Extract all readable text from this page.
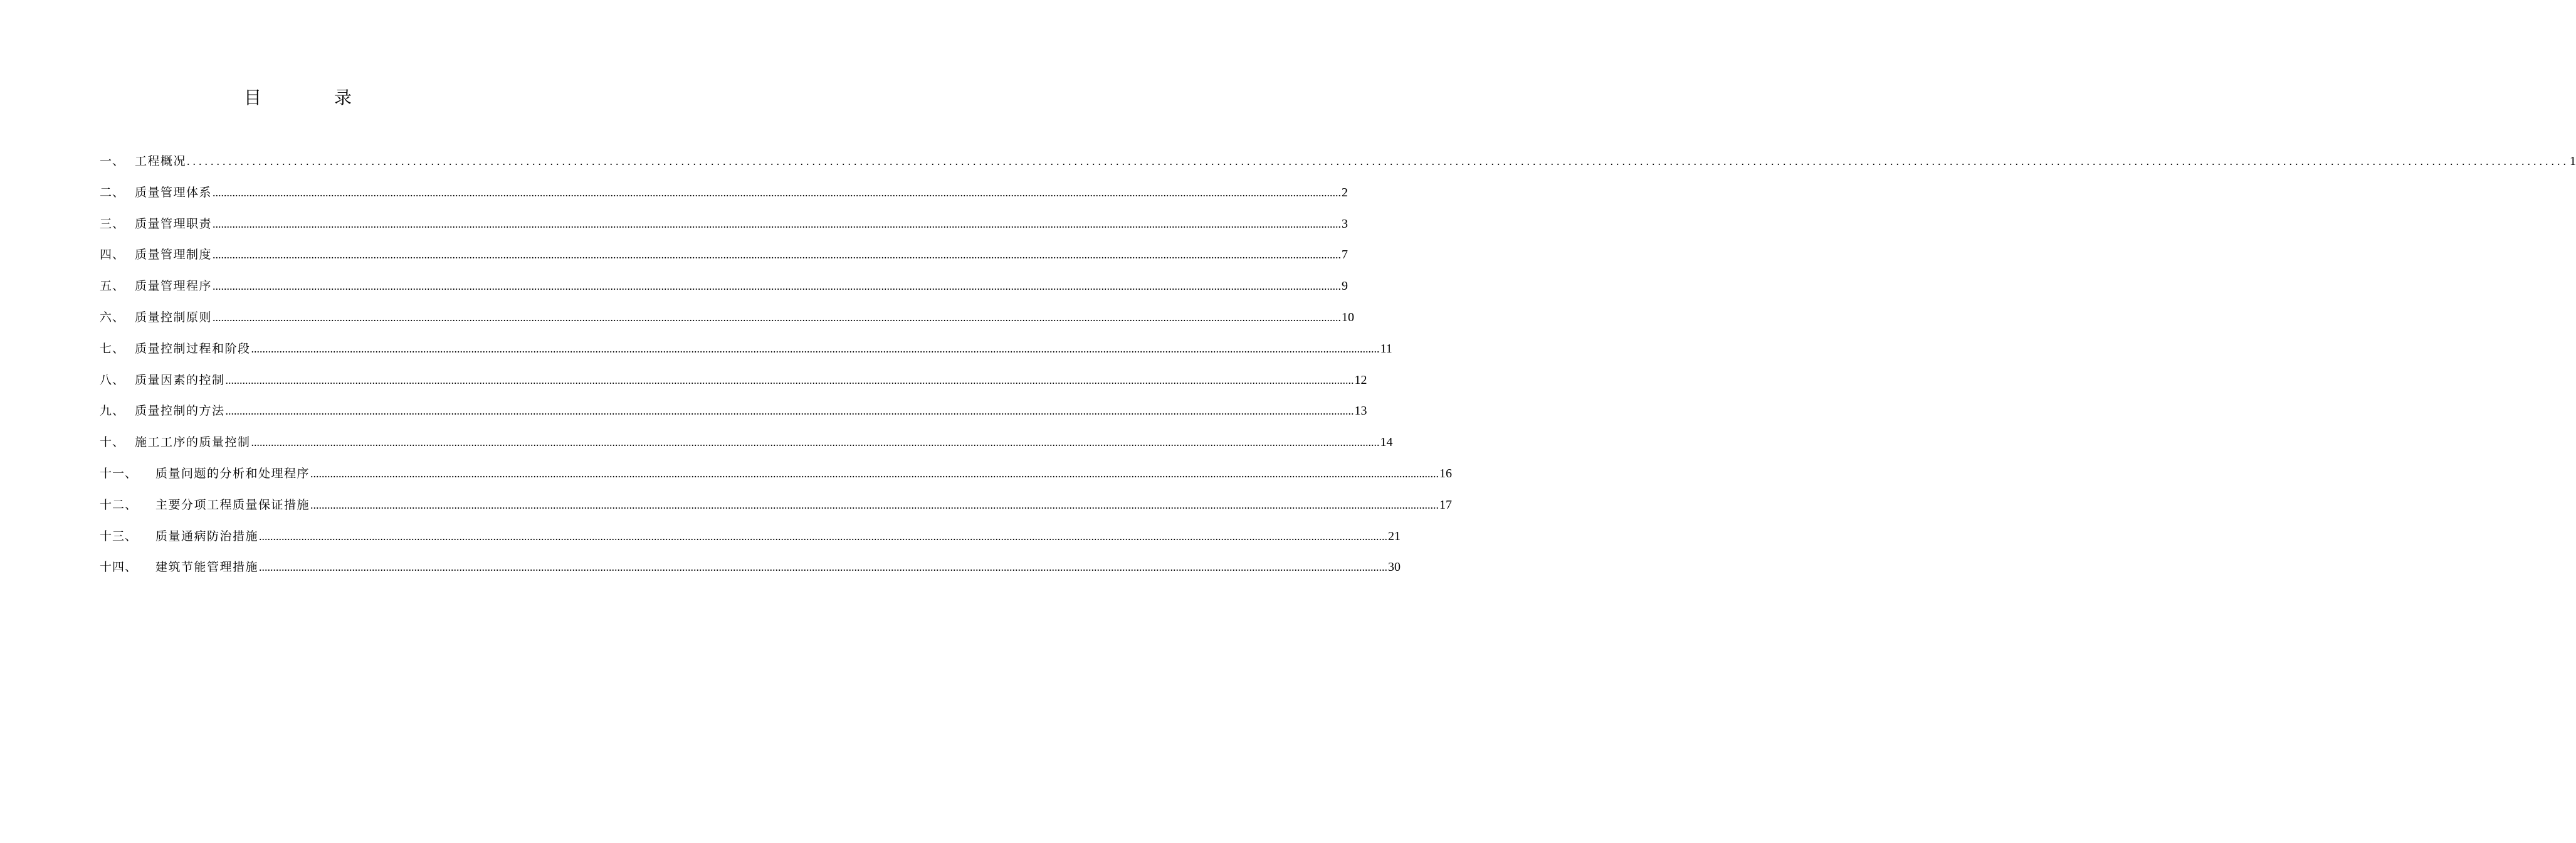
目	录
一、 工程概况 ................................................................................................................................................................................................................................................................................................................................................................................................................ 1
二、 质量管理体系 ................................................................................................................................................................................................................................................................................................................................................................................................................ 2
三、 质量管理职责 ................................................................................................................................................................................................................................................................................................................................................................................................................ 3
四、 质量管理制度 ................................................................................................................................................................................................................................................................................................................................................................................................................ 7
五、 质量管理程序 ................................................................................................................................................................................................................................................................................................................................................................................................................ 9
六、 质量控制原则 ................................................................................................................................................................................................................................................................................................................................................................................................................ 10
七、 质量控制过程和阶段 ................................................................................................................................................................................................................................................................................................................................................................................................................ 11
八、 质量因素的控制 ................................................................................................................................................................................................................................................................................................................................................................................................................ 12
九、 质量控制的方法 ................................................................................................................................................................................................................................................................................................................................................................................................................ 13
十、 施工工序的质量控制 ................................................................................................................................................................................................................................................................................................................................................................................................................ 14
十一、	质量问题的分析和处理程序 ................................................................................................................................................................................................................................................................................................................................................................................................................ 16
十二、	主要分项工程质量保证措施 ................................................................................................................................................................................................................................................................................................................................................................................................................ 17
十三、	质量通病防治措施 ................................................................................................................................................................................................................................................................................................................................................................................................................ 21
十四、	建筑节能管理措施 ................................................................................................................................................................................................................................................................................................................................................................................................................ 30
